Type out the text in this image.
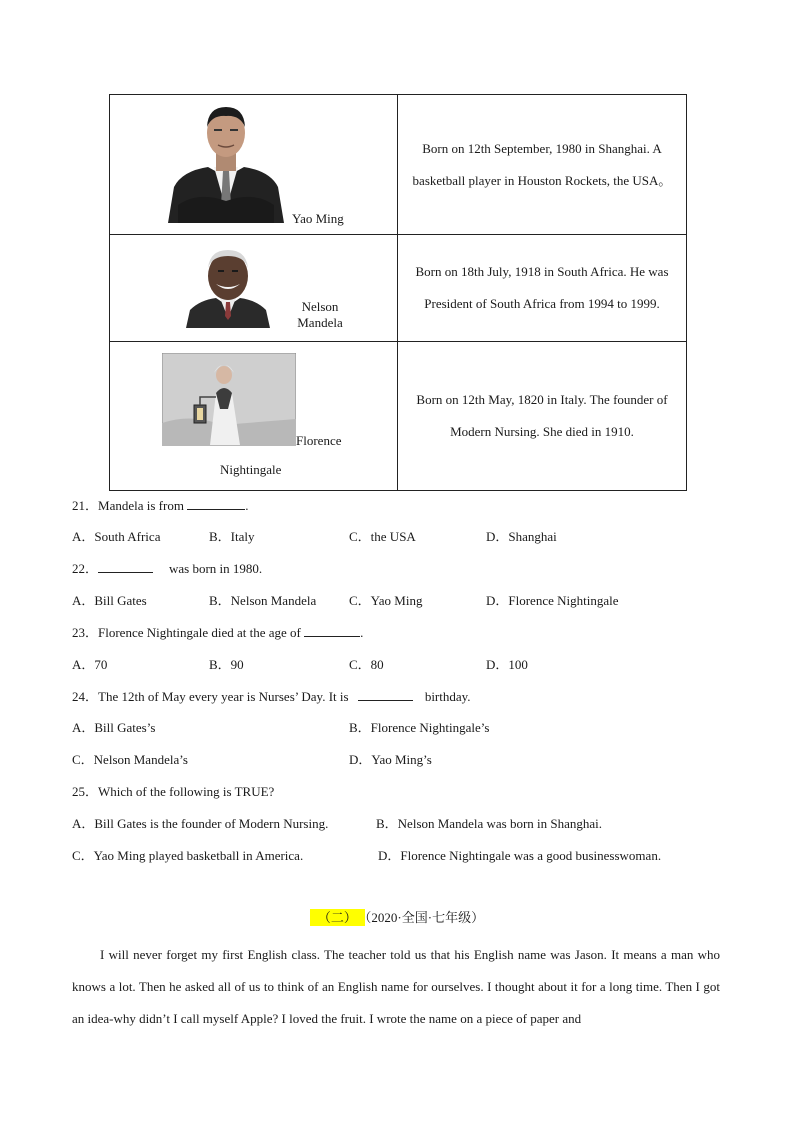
Yao Ming	Born on 12th September, 1980 in Shanghai. A basketball player in Houston Rockets, the USA。

Nelson
Mandela	Born on 18th July, 1918 in South Africa. He was President of South Africa from 1994 to 1999.

Florence
Nightingale	Born on 12th May, 1820 in Italy. The founder of Modern Nursing. She died in 1910.
21．Mandela is from	.
A．South Africa	B．Italy	C．the USA	D．Shanghai
22．	was born in 1980.
A．Bill Gates	B．Nelson Mandela	C．Yao Ming	D．Florence Nightingale
23．Florence Nightingale died at the age of	.
A．70	B．90	C．80	D．100
24．The 12th of May every year is Nurses’ Day. It is	birthday.
A．Bill Gates’s	B．Florence Nightingale’s
C．Nelson Mandela’s	D．Yao Ming’s
25．Which of the following is TRUE?
A．Bill Gates is the founder of Modern Nursing.	B．Nelson Mandela was born in Shanghai.
C．Yao Ming played basketball in America.	D．Florence Nightingale was a good businesswoman.
（二） （2020·全国·七年级）

I will never forget my first English class. The teacher told us that his English name was Jason. It means a man who knows a lot. Then he asked all of us to think of an English name for ourselves. I thought about it for a long time. Then I got an idea-why didn’t I call myself Apple? I loved the fruit. I wrote the name on a piece of paper and
